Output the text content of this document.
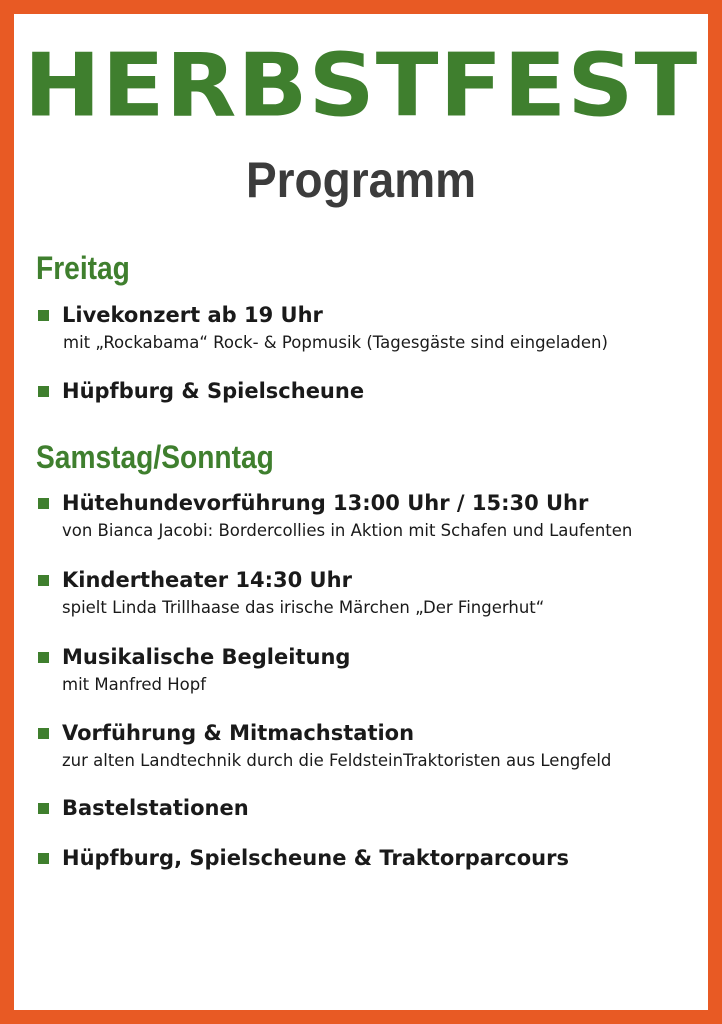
HERBSTFEST
Programm
Freitag
Livekonzert ab 19 Uhr
mit „Rockabama“ Rock- & Popmusik (Tagesgäste sind eingeladen)
Hüpfburg & Spielscheune
Samstag/Sonntag
Hütehundevorführung 13:00 Uhr / 15:30 Uhr
von Bianca Jacobi: Bordercollies in Aktion mit Schafen und Laufenten
Kindertheater 14:30 Uhr
spielt Linda Trillhaase das irische Märchen „Der Fingerhut“
Musikalische Begleitung
mit Manfred Hopf
Vorführung & Mitmachstation
zur alten Landtechnik durch die FeldsteinTraktoristen aus Lengfeld
Bastelstationen
Hüpfburg, Spielscheune & Traktorparcours
